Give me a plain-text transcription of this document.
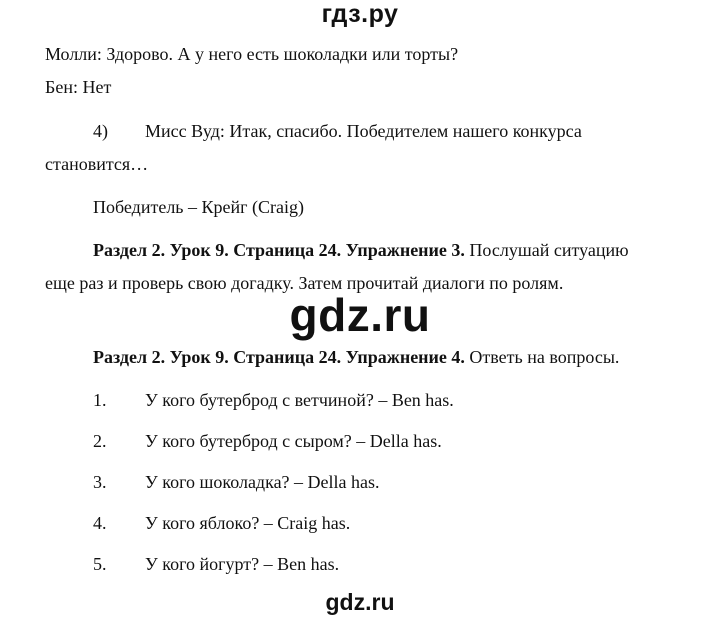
гдз.ру
Молли: Здорово. А у него есть шоколадки или торты?
Бен: Нет
4) Мисс Вуд: Итак, спасибо. Победителем нашего конкурса
становится…
Победитель – Крейг (Craig)
Раздел 2. Урок 9. Страница 24. Упражнение 3. Послушай ситуацию
еще раз и проверь свою догадку. Затем прочитай диалоги по ролям.
gdz.ru
Раздел 2. Урок 9. Страница 24. Упражнение 4. Ответь на вопросы.
1. У кого бутерброд с ветчиной? – Ben has.
2. У кого бутерброд с сыром? – Della has.
3. У кого шоколадка? – Della has.
4. У кого яблоко? – Craig has.
5. У кого йогурт? – Ben has.
gdz.ru
